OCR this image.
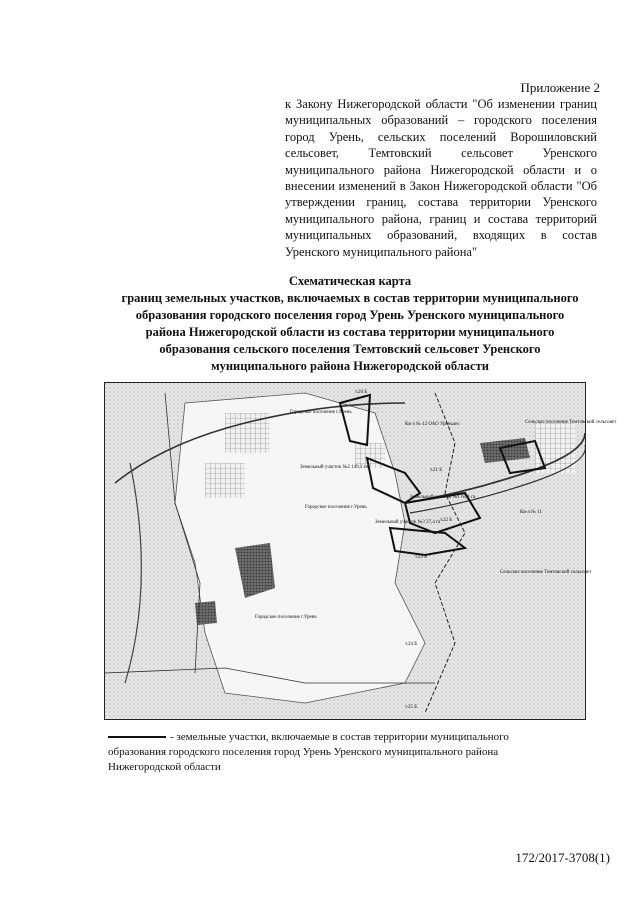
Приложение 2
к Закону Нижегородской области "Об изменении границ муниципальных образований – городского поселения город Урень, сельских поселений Ворошиловский сельсовет, Темтовский сельсовет Уренского муниципального района Нижегородской области и о внесении изменений в Закон Нижегородской области "Об утверждении границ, состава территории Уренского муниципального района, границ и состава территорий муниципальных образований, входящих в состав Уренского муниципального района"
Схематическая карта
границ земельных участков, включаемых в состав территории муниципального
образования городского поселения город Урень Уренского муниципального
района Нижегородской области из состава территории муниципального
образования сельского поселения Темтовский сельсовет Уренского
муниципального района Нижегородской области
Городское поселение г.Урень
Земельный участок №2 149,1 га
Городское поселение г.Урень
Кв-л № 12 ОАО Уреньлес	Сельское поселение Темтовский сельсовет
Земельный участок №1 60,1 га
Земельный участок №3 27,4 га
Кв-л № 11
Сельское поселение Темтовский сельсовет
Городское поселение г.Урень
т.20 Б
т.21 Б
т.22 Б
т.23 Б
т.24 Б
т.25 Б
- земельные участки, включаемые в состав территории муниципального образования городского поселения город Урень Уренского муниципального района Нижегородской области
172/2017-3708(1)
